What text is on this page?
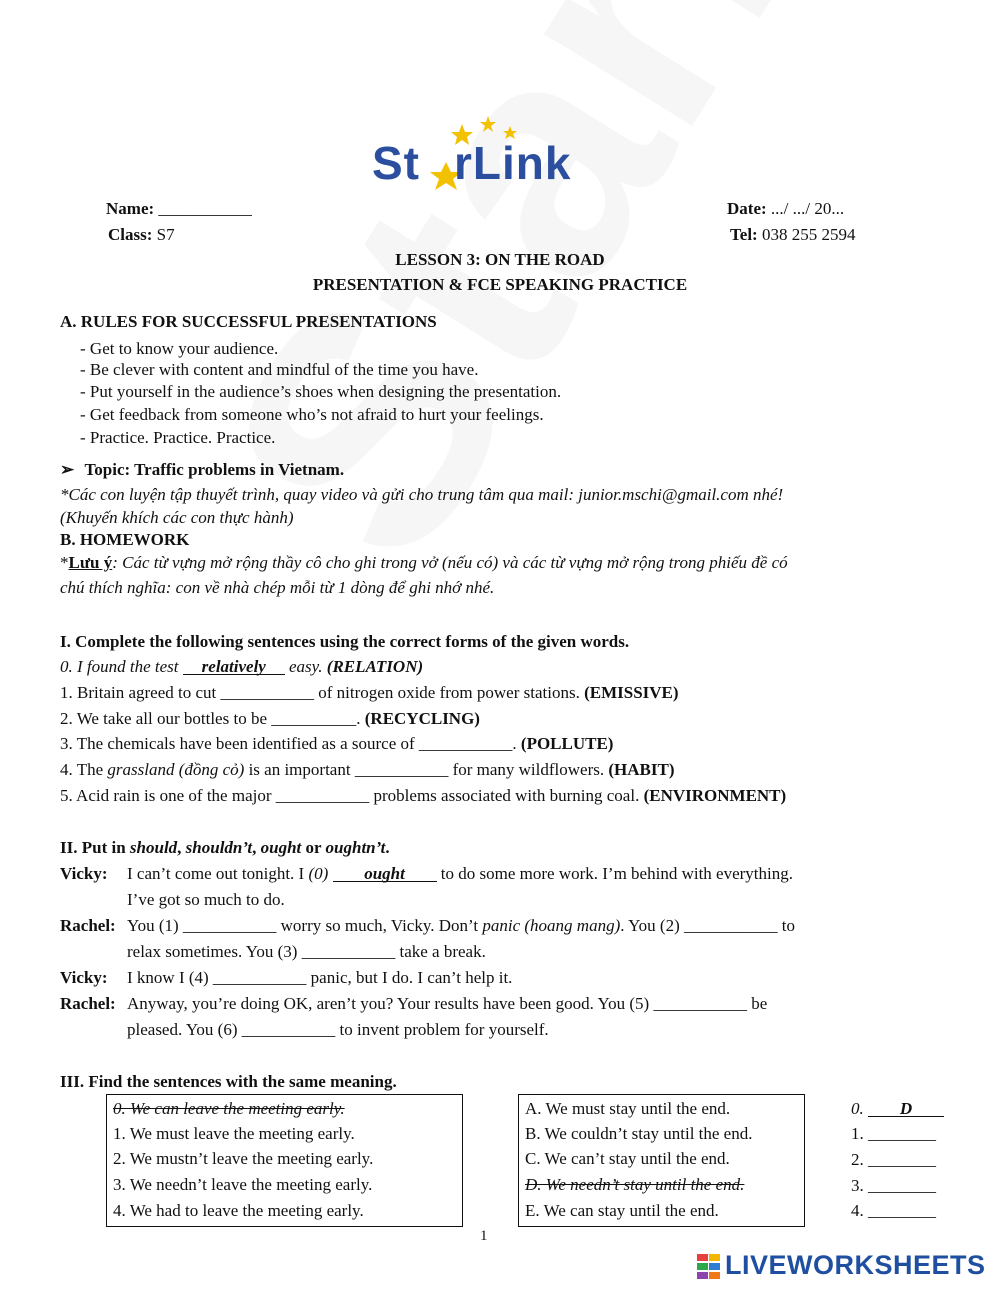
St rLink
Name: ___________	Date: .../ .../ 20...
Class: S7	Tel: 038 255 2594
LESSON 3: ON THE ROAD
PRESENTATION & FCE SPEAKING PRACTICE
A. RULES FOR SUCCESSFUL PRESENTATIONS
- Get to know your audience.
- Be clever with content and mindful of the time you have.
- Put yourself in the audience’s shoes when designing the presentation.
- Get feedback from someone who’s not afraid to hurt your feelings.
- Practice. Practice. Practice.
➢ Topic: Traffic problems in Vietnam.
*Các con luyện tập thuyết trình, quay video và gửi cho trung tâm qua mail: junior.mschi@gmail.com nhé!
(Khuyến khích các con thực hành)
B. HOMEWORK
*Lưu ý: Các từ vựng mở rộng thầy cô cho ghi trong vở (nếu có) và các từ vựng mở rộng trong phiếu đề có
chú thích nghĩa: con về nhà chép mỗi từ 1 dòng để ghi nhớ nhé.
I. Complete the following sentences using the correct forms of the given words.
0. I found the test relatively easy. (RELATION)
1. Britain agreed to cut ___________ of nitrogen oxide from power stations. (EMISSIVE)
2. We take all our bottles to be __________. (RECYCLING)
3. The chemicals have been identified as a source of ___________. (POLLUTE)
4. The grassland (đồng cỏ) is an important ___________ for many wildflowers. (HABIT)
5. Acid rain is one of the major ___________ problems associated with burning coal. (ENVIRONMENT)
II. Put in should, shouldn’t, ought or oughtn’t.
Vicky: I can’t come out tonight. I (0) ought to do some more work. I’m behind with everything.
I’ve got so much to do.
Rachel: You (1) ___________ worry so much, Vicky. Don’t panic (hoang mang). You (2) ___________ to
relax sometimes. You (3) ___________ take a break.
Vicky: I know I (4) ___________ panic, but I do. I can’t help it.
Rachel: Anyway, you’re doing OK, aren’t you? Your results have been good. You (5) ___________ be
pleased. You (6) ___________ to invent problem for yourself.
III. Find the sentences with the same meaning.
0. We can leave the meeting early.
1. We must leave the meeting early.
2. We mustn’t leave the meeting early.
3. We needn’t leave the meeting early.
4. We had to leave the meeting early.
A. We must stay until the end.
B. We couldn’t stay until the end.
C. We can’t stay until the end.
D. We needn’t stay until the end.
E. We can stay until the end.
0. D
1. ________
2. ________
3. ________
4. ________
1
LIVEWORKSHEETS
